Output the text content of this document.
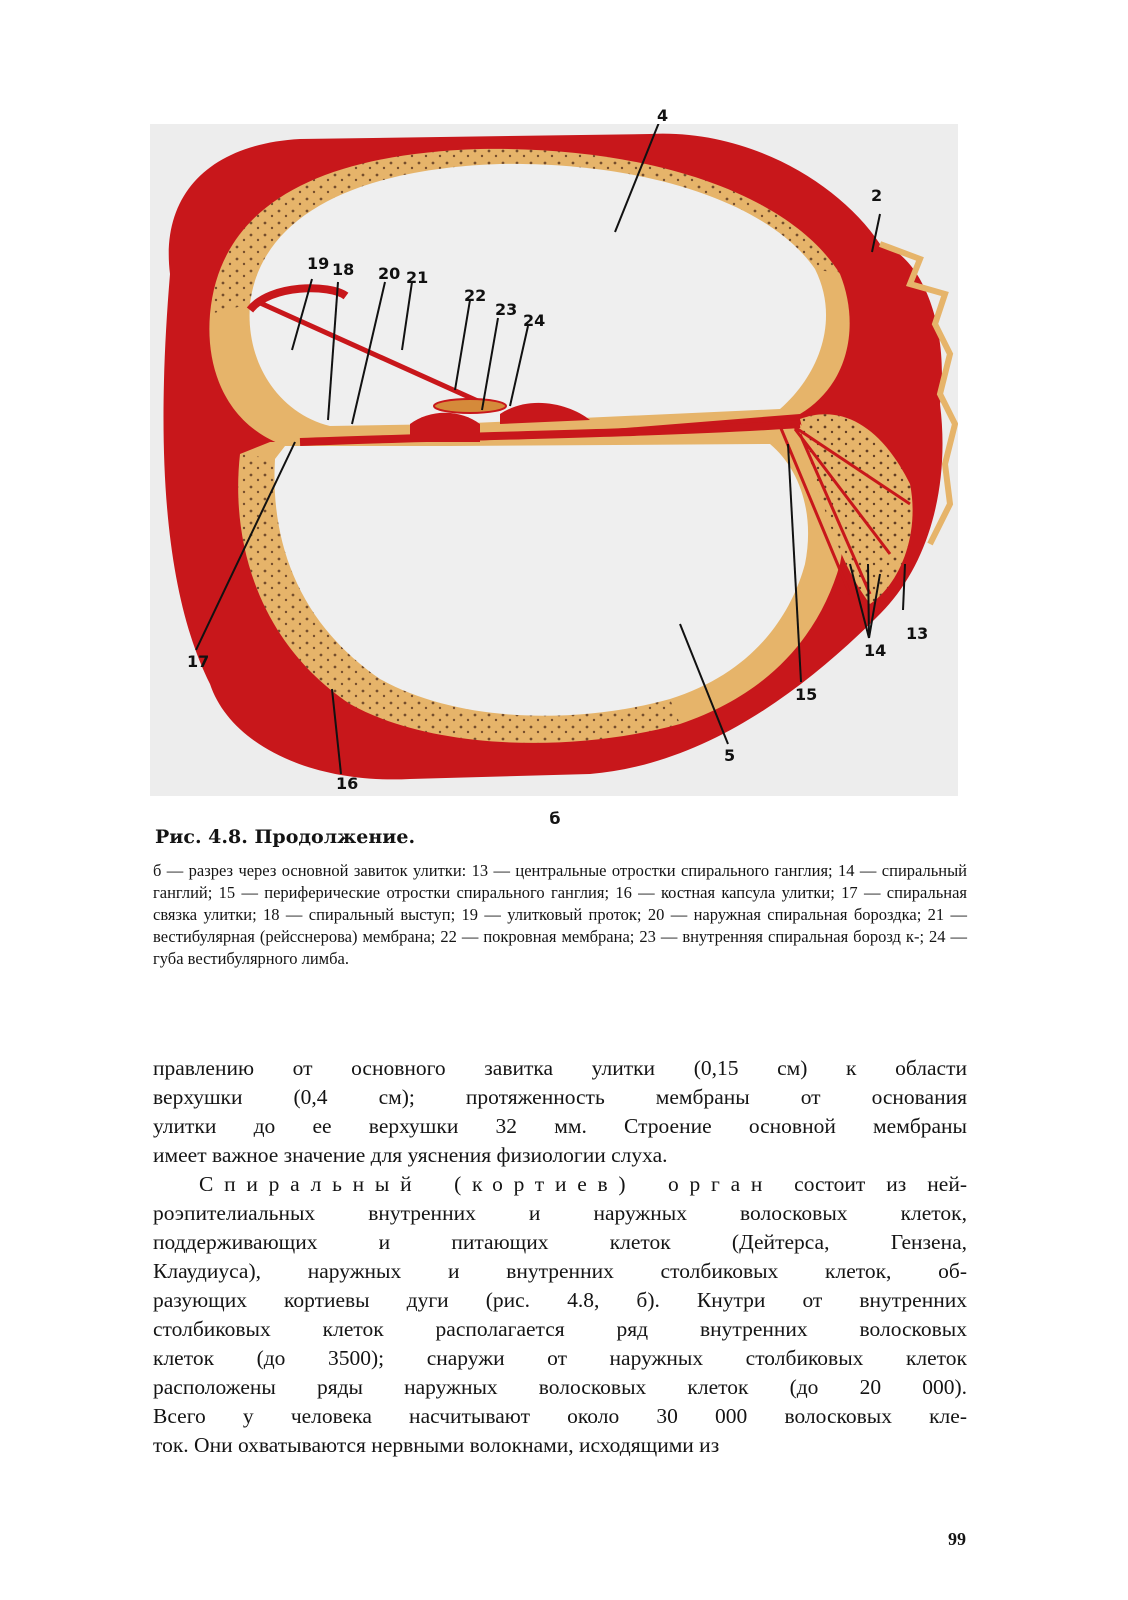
4
2
19 18 20 21
22
23
24
17
16
5
15
14
13
б
Рис. 4.8. Продолжение.

б — разрез через основной завиток улитки: 13 — центральные отростки спирального ганглия; 14 — спиральный ганглий; 15 — периферические отростки спирального ганглия; 16 — костная капсула улитки; 17 — спиральная связка улитки; 18 — спиральный выступ; 19 — улитковый проток; 20 — наружная спиральная бороздка; 21 — вестибулярная (рейсснерова) мембрана; 22 — покровная мембрана; 23 — внутренняя спиральная борозд к-; 24 — губа вестибулярного лимба.

правлению от основного завитка улитки (0,15 см) к области

верхушки (0,4 см); протяженность мембраны от основания

улитки до ее верхушки 32 мм. Строение основной мембраны

имеет важное значение для уяснения физиологии слуха.

Спиральный (кортиев) орган состоит из ней-

роэпителиальных внутренних и наружных волосковых клеток,

поддерживающих и питающих клеток (Дейтерса, Гензена,

Клаудиуса), наружных и внутренних столбиковых клеток, об-

разующих кортиевы дуги (рис. 4.8, б). Кнутри от внутренних

столбиковых клеток располагается ряд внутренних волосковых

клеток (до 3500); снаружи от наружных столбиковых клеток

расположены ряды наружных волосковых клеток (до 20 000).

Всего у человека насчитывают около 30 000 волосковых кле-

ток. Они охватываются нервными волокнами, исходящими из

99
